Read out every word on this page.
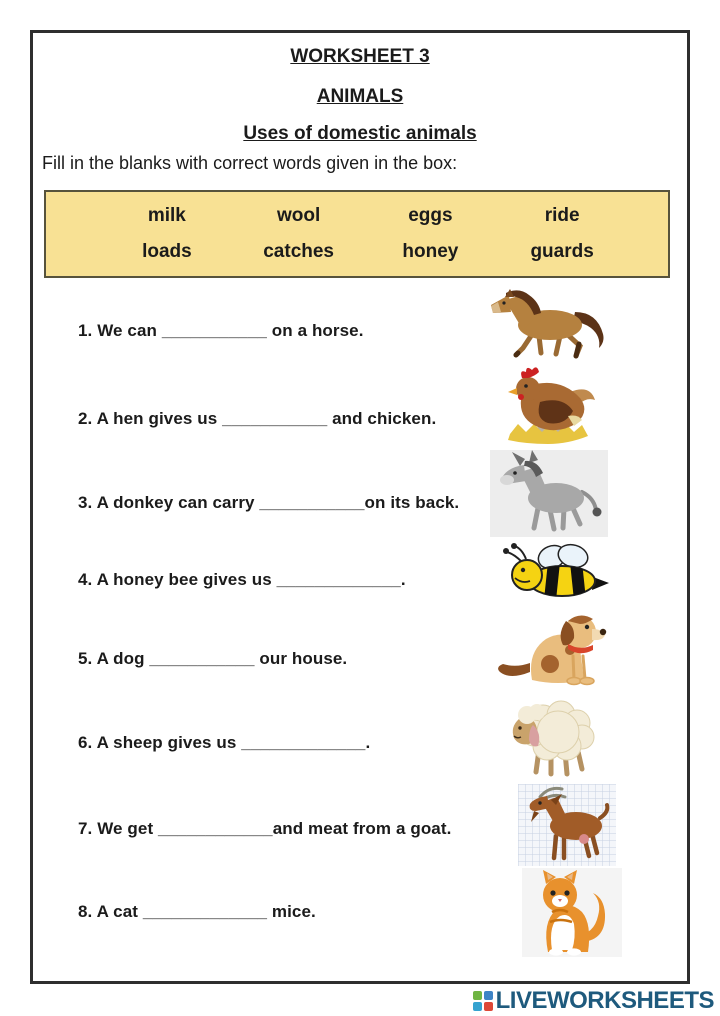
WORKSHEET 3
ANIMALS
Uses of domestic animals
Fill in the blanks with correct words given in the box:
milk	wool	eggs	ride
loads	catches	honey	guards

1. We can ___________ on a horse.

2. A hen gives us ___________ and chicken.

3. A donkey can carry ___________on its back.

4. A honey bee gives us _____________.

5. A dog ___________ our house.

6. A sheep gives us _____________.

7. We get ____________and meat from a goat.

8. A cat _____________ mice.

LIVEWORKSHEETS
